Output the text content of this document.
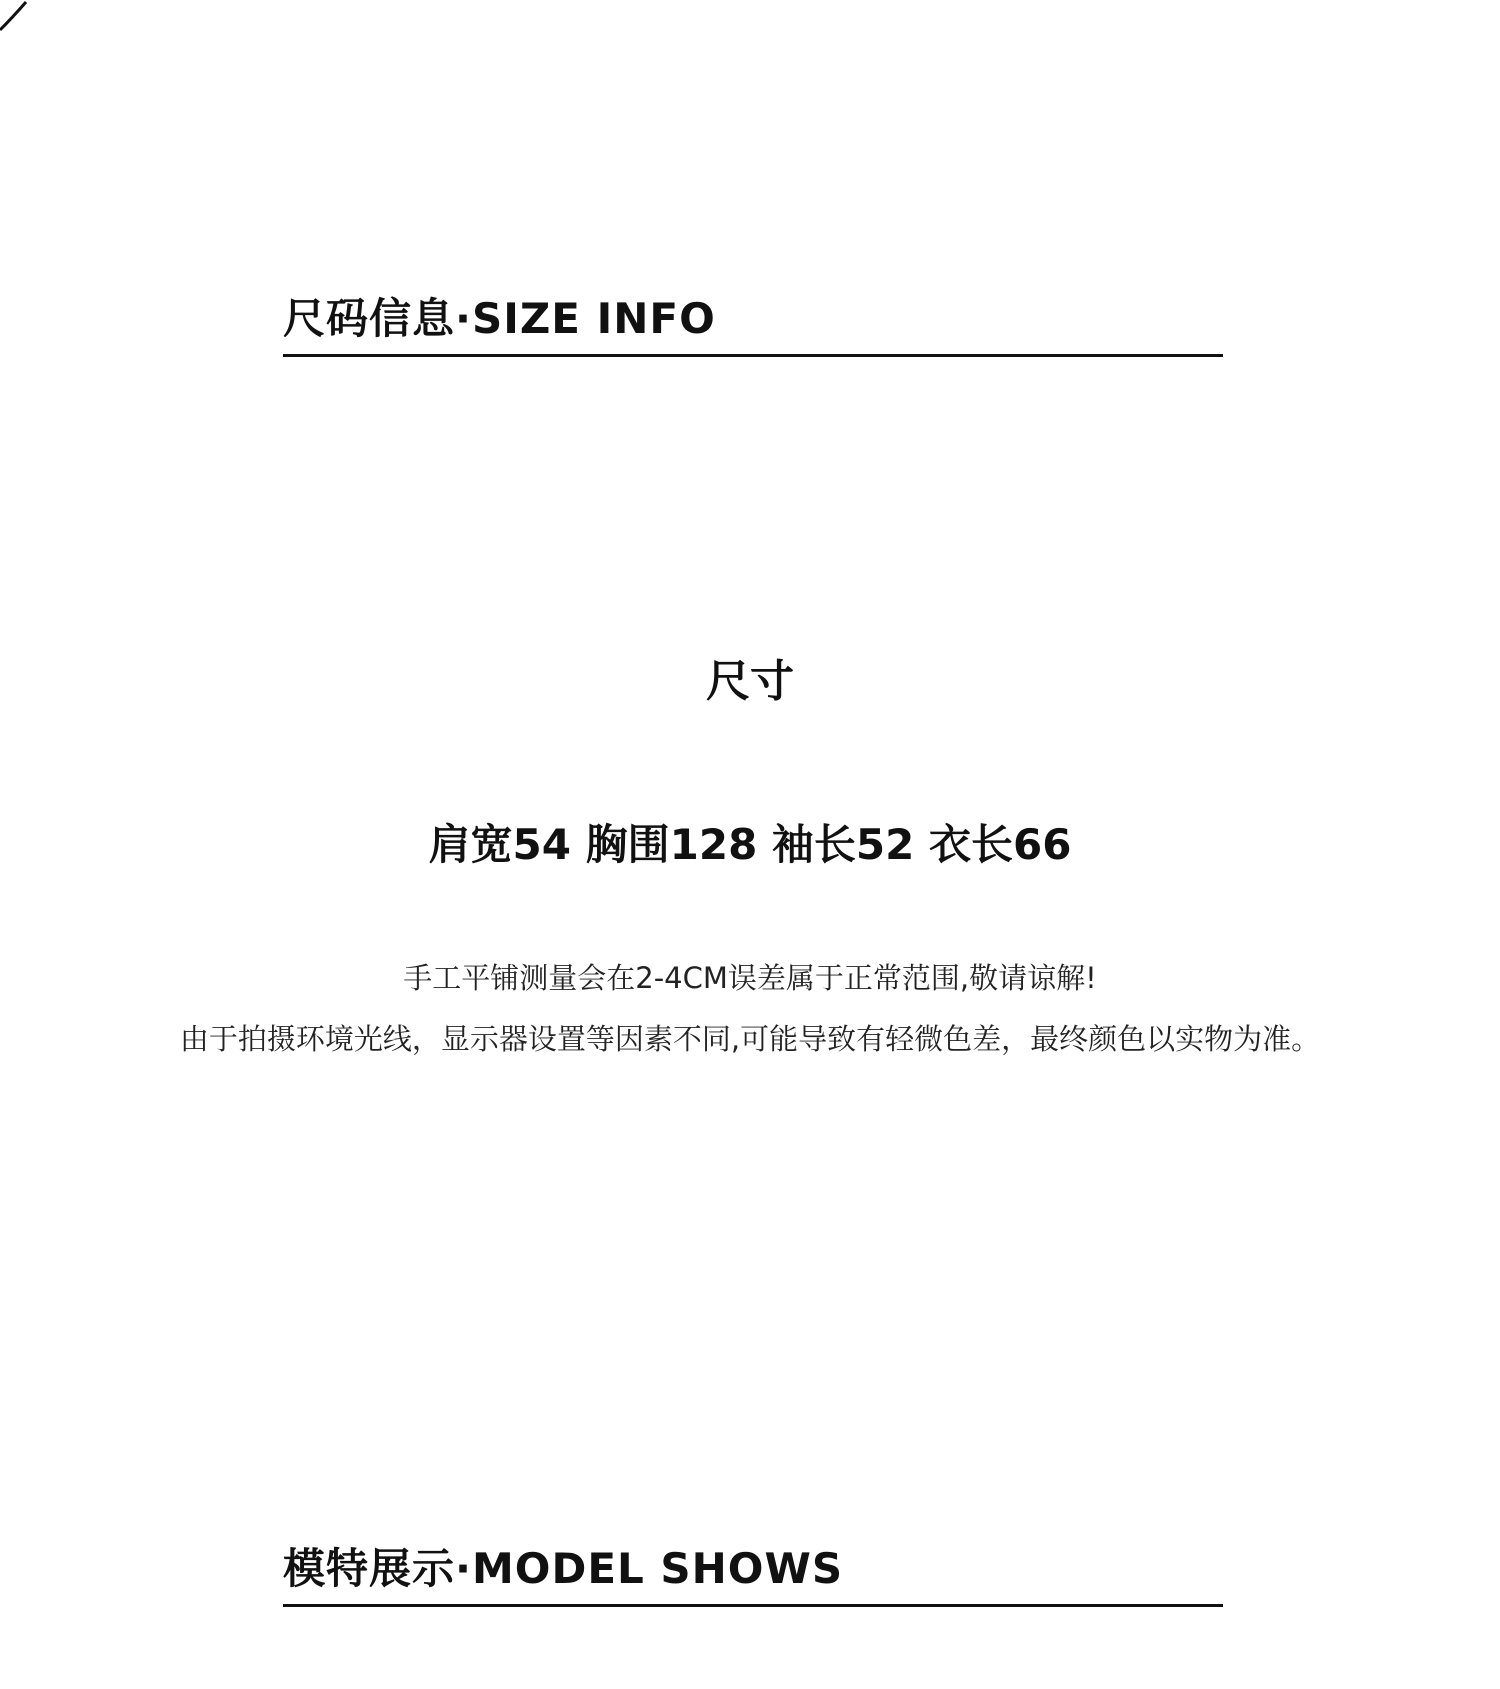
尺码信息·SIZE INFO
尺寸
肩宽54 胸围128 袖长52 衣长66
手工平铺测量会在2-4CM误差属于正常范围,敬请谅解!
由于拍摄环境光线，显示器设置等因素不同,可能导致有轻微色差，最终颜色以实物为准。
模特展示·MODEL SHOWS
